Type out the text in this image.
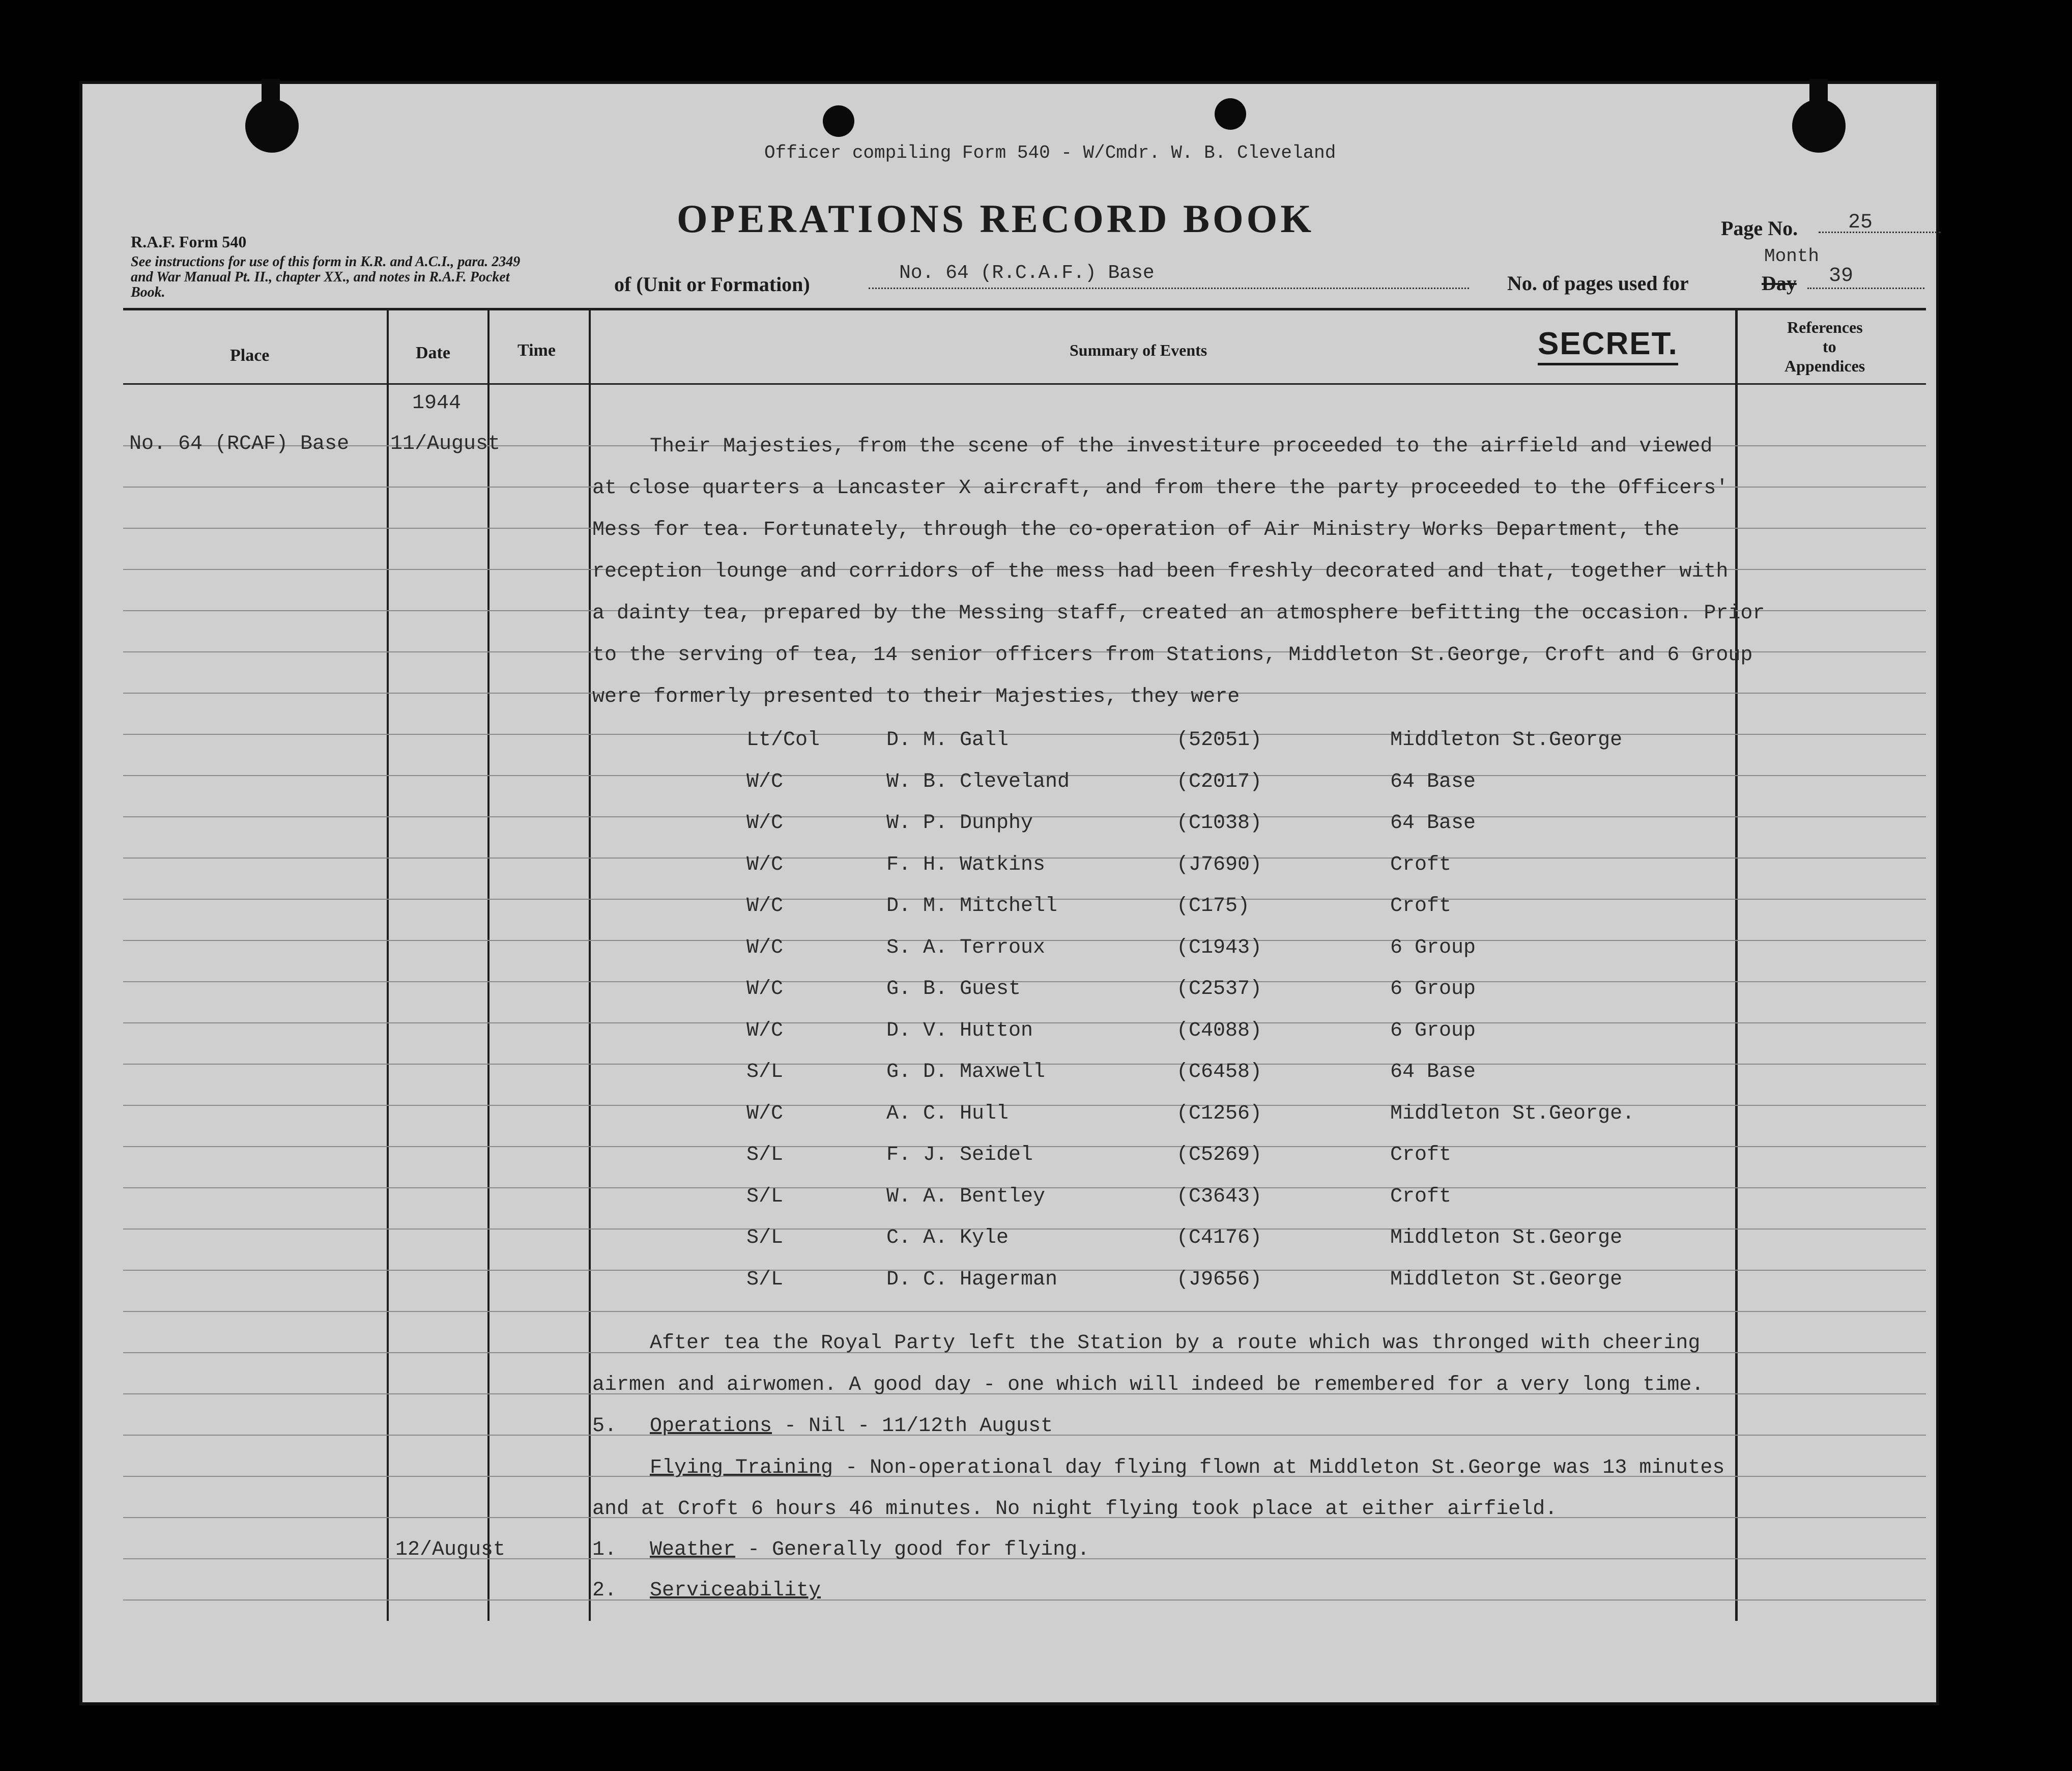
Officer compiling Form 540 - W/Cmdr. W. B. Cleveland
OPERATIONS RECORD BOOK
R.A.F. Form 540
See instructions for use of this form in K.R. and A.C.I., para. 2349 and War Manual Pt. II., chapter XX., and notes in R.A.F. Pocket Book.
Page No. 25
of (Unit or Formation)	No. 64 (R.C.A.F.) Base	No. of pages used for	Day
Month
39
Place	Date	Time	Summary of Events	SECRET.	References
to
Appendices
1944
No. 64 (RCAF) Base 11/August
12/August
Their Majesties, from the scene of the investiture proceeded to the airfield and viewed
at close quarters a Lancaster X aircraft, and from there the party proceeded to the Officers'
Mess for tea. Fortunately, through the co-operation of Air Ministry Works Department, the
reception lounge and corridors of the mess had been freshly decorated and that, together with
a dainty tea, prepared by the Messing staff, created an atmosphere befitting the occasion. Prior
to the serving of tea, 14 senior officers from Stations, Middleton St.George, Croft and 6 Group
were formerly presented to their Majesties, they were
Lt/Col	D. M. Gall	(52051)	Middleton St.George
W/C	W. B. Cleveland	(C2017)	64 Base
W/C	W. P. Dunphy	(C1038)	64 Base
W/C	F. H. Watkins	(J7690)	Croft
W/C	D. M. Mitchell	(C175)	Croft
W/C	S. A. Terroux	(C1943)	6 Group
W/C	G. B. Guest	(C2537)	6 Group
W/C	D. V. Hutton	(C4088)	6 Group
S/L	G. D. Maxwell	(C6458)	64 Base
W/C	A. C. Hull	(C1256)	Middleton St.George.
S/L	F. J. Seidel	(C5269)	Croft
S/L	W. A. Bentley	(C3643)	Croft
S/L	C. A. Kyle	(C4176)	Middleton St.George
S/L	D. C. Hagerman	(J9656)	Middleton St.George
After tea the Royal Party left the Station by a route which was thronged with cheering
airmen and airwomen. A good day - one which will indeed be remembered for a very long time.
5. Operations - Nil - 11/12th August
Flying Training - Non-operational day flying flown at Middleton St.George was 13 minutes
and at Croft 6 hours 46 minutes. No night flying took place at either airfield.
1. Weather - Generally good for flying.
2. Serviceability
